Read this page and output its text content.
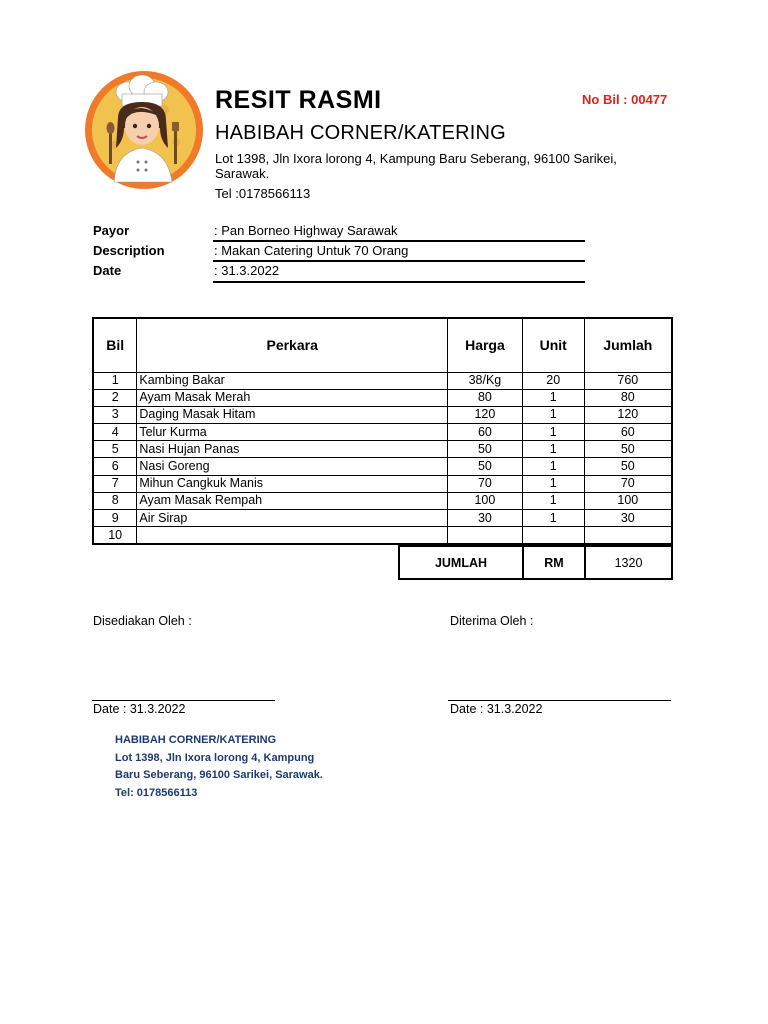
RESIT RASMI	No Bil : 00477
HABIBAH CORNER/KATERING
Lot 1398, Jln Ixora lorong 4, Kampung Baru Seberang, 96100 Sarikei, Sarawak.
Tel :0178566113
Payor	: Pan Borneo Highway Sarawak
Description	: Makan Catering Untuk 70 Orang
Date	: 31.3.2022
Bil	Perkara	Harga	Unit	Jumlah
1	Kambing Bakar	38/Kg	20	760
2	Ayam Masak Merah	80	1	80
3	Daging Masak Hitam	120	1	120
4	Telur Kurma	60	1	60
5	Nasi Hujan Panas	50	1	50
6	Nasi Goreng	50	1	50
7	Mihun Cangkuk Manis	70	1	70
8	Ayam Masak Rempah	100	1	100
9	Air Sirap	30	1	30
10				
JUMLAH	RM	1320
Disediakan Oleh :	Diterima Oleh :
Date : 31.3.2022	Date : 31.3.2022
HABIBAH CORNER/KATERING
Lot 1398, Jln Ixora lorong 4, Kampung
Baru Seberang, 96100 Sarikei, Sarawak.
Tel: 0178566113
